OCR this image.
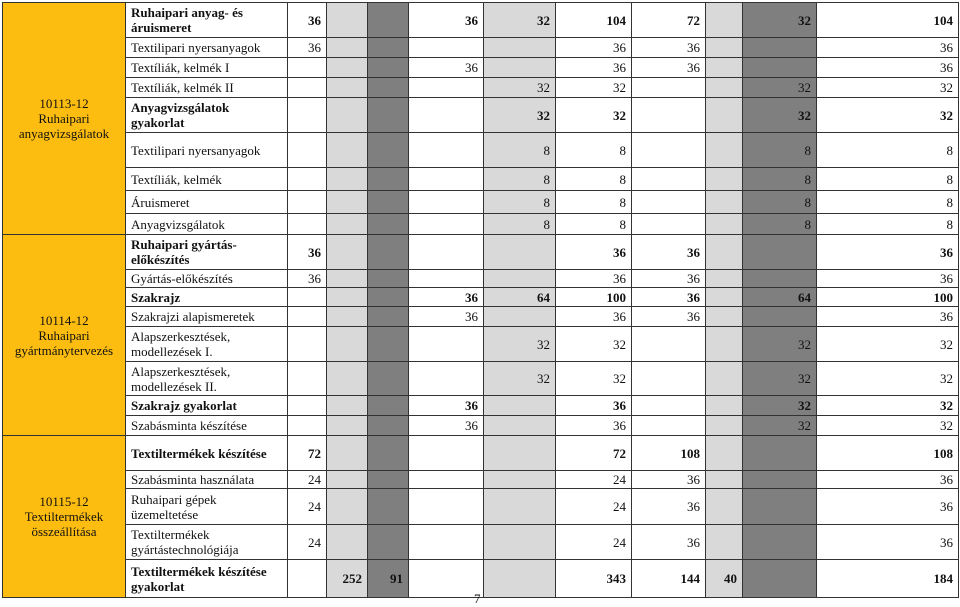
10113-12
Ruhaipari
anyagvizsgálatok	Ruhaipari anyag- és áruismeret	36			36	32	104	72		32	104
	Textilipari nyersanyagok	36					36	36			36
	Textíliák, kelmék I				36		36	36			36
	Textíliák, kelmék II					32	32			32	32
	Anyagvizsgálatok gyakorlat					32	32			32	32
	Textilipari nyersanyagok					8	8			8	8
	Textíliák, kelmék					8	8			8	8
	Áruismeret					8	8			8	8
	Anyagvizsgálatok					8	8			8	8

10114-12
Ruhaipari
gyártmánytervezés	Ruhaipari gyártás-előkészítés	36					36	36			36
	Gyártás-előkészítés	36					36	36			36
	Szakrajz				36	64	100	36		64	100
	Szakrajzi alapismeretek				36		36	36			36
	Alapszerkesztések, modellezések I.					32	32			32	32
	Alapszerkesztések, modellezések II.					32	32			32	32
	Szakrajz gyakorlat				36		36			32	32
	Szabásminta készítése				36		36			32	32

10115-12
Textiltermékek
összeállítása	Textiltermékek készítése	72					72	108			108
	Szabásminta használata	24					24	36			36
	Ruhaipari gépek üzemeltetése	24					24	36			36
	Textiltermékek gyártástechnológiája	24					24	36			36
	Textiltermékek készítése gyakorlat		252	91			343	144	40		184
7
